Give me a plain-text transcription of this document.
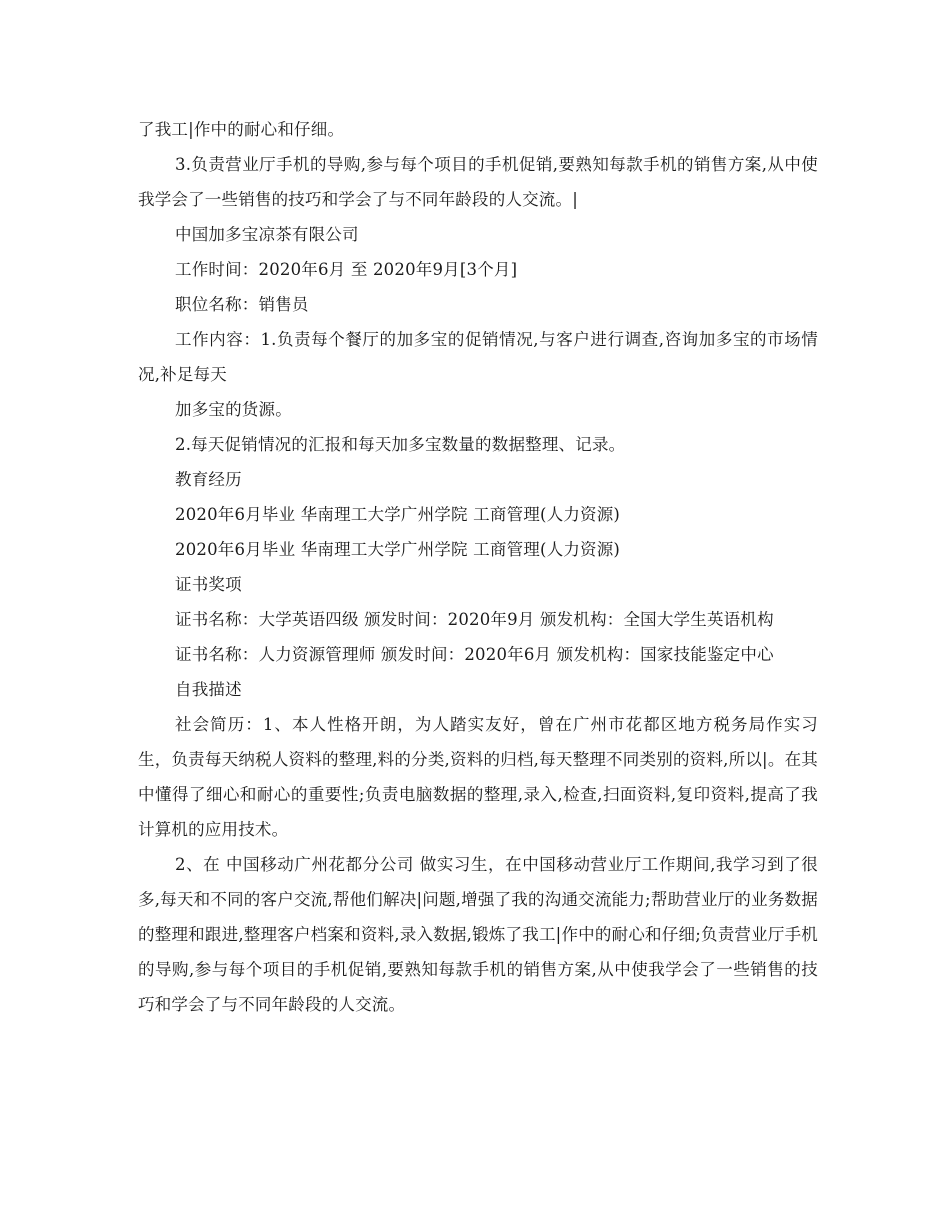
了我工|作中的耐心和仔细。

3.负责营业厅手机的导购,参与每个项目的手机促销,要熟知每款手机的销售方案,从中使我学会了一些销售的技巧和学会了与不同年龄段的人交流。|

中国加多宝凉茶有限公司

工作时间：2020年6月 至 2020年9月[3个月]

职位名称：销售员

工作内容：1.负责每个餐厅的加多宝的促销情况,与客户进行调查,咨询加多宝的市场情况,补足每天

加多宝的货源。

2.每天促销情况的汇报和每天加多宝数量的数据整理、记录。

教育经历

2020年6月毕业 华南理工大学广州学院 工商管理(人力资源)

2020年6月毕业 华南理工大学广州学院 工商管理(人力资源)

证书奖项

证书名称：大学英语四级 颁发时间：2020年9月 颁发机构：全国大学生英语机构

证书名称：人力资源管理师 颁发时间：2020年6月 颁发机构：国家技能鉴定中心

自我描述

社会简历：1、本人性格开朗，为人踏实友好，曾在广州市花都区地方税务局作实习生，负责每天纳税人资料的整理,料的分类,资料的归档,每天整理不同类别的资料,所以|。在其中懂得了细心和耐心的重要性;负责电脑数据的整理,录入,检查,扫面资料,复印资料,提高了我计算机的应用技术。

2、在 中国移动广州花都分公司 做实习生，在中国移动营业厅工作期间,我学习到了很多,每天和不同的客户交流,帮他们解决|问题,增强了我的沟通交流能力;帮助营业厅的业务数据的整理和跟进,整理客户档案和资料,录入数据,锻炼了我工|作中的耐心和仔细;负责营业厅手机的导购,参与每个项目的手机促销,要熟知每款手机的销售方案,从中使我学会了一些销售的技巧和学会了与不同年龄段的人交流。
